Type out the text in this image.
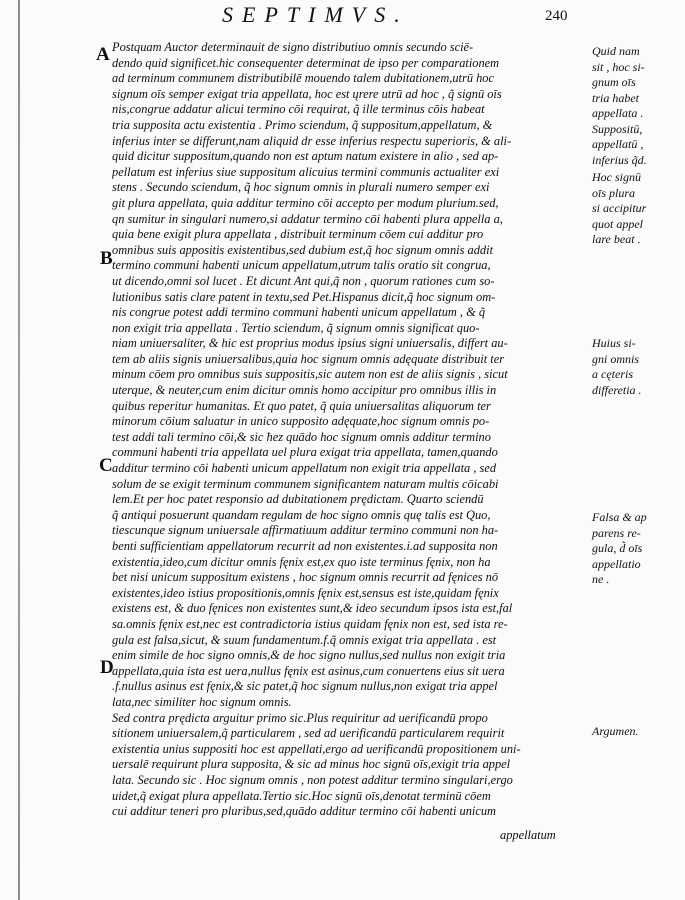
SEPTIMVS.	240
A
B
C
D
Postquam Auctor determinauit de signo distributiuo omnis secundo sciē-
dendo quid significet.hic consequenter determinat de ipso per comparationem
ad terminum communem distributibilē mouendo talem dubitationem,utrū hoc
signum oīs semper exigat tria appellata, hoc est ųrere utrū ad hoc , q̃ signū oīs
nis,congrue addatur alicui termino cōi requirat, q̃ ille terminus cōis habeat
tria supposita actu existentia . Primo sciendum, q̃ suppositum,appellatum, &
inferius inter se differunt,nam aliquid dr esse inferius respectu superioris, & ali-
quid dicitur suppositum,quando non est aptum natum existere in alio , sed ap-
pellatum est inferius siue suppositum alicuius termini communis actualiter exi
stens . Secundo sciendum, q̃ hoc signum omnis in plurali numero semper exi
git plura appellata, quia additur termino cōi accepto per modum plurium.sed,
qn sumitur in singulari numero,si addatur termino cōi habenti plura appella a,
quia bene exigit plura appellata , distribuit terminum cōem cui additur pro
omnibus suis appositis existentibus,sed dubium est,q̃ hoc signum omnis addit
termino communi habenti unicum appellatum,utrum talis oratio sit congrua,
ut dicendo,omni sol lucet . Et dicunt Ant qui,q̃ non , quorum rationes cum so-
lutionibus satis clare patent in textu,sed Pet.Hispanus dicit,q̃ hoc signum om-
nis congrue potest addi termino communi habenti unicum appellatum , & q̃
non exigit tria appellata . Tertio sciendum, q̃ signum omnis significat quo-
niam uniuersaliter, & hic est proprius modus ipsius signi uniuersalis, differt au-
tem ab aliis signis uniuersalibus,quia hoc signum omnis adęquate distribuit ter
minum cōem pro omnibus suis suppositis,sic autem non est de aliis signis , sicut
uterque, & neuter,cum enim dicitur omnis homo accipitur pro omnibus illis in
quibus reperitur humanitas. Et quo patet, q̃ quia uniuersalitas aliquorum ter
minorum cōium saluatur in unico supposito adęquate,hoc signum omnis po-
test addi tali termino cōi,& sic ħez quādo hoc signum omnis additur termino
communi habenti tria appellata uel plura exigat tria appellata, tamen,quando
additur termino cōi habenti unicum appellatum non exigit tria appellata , sed
solum de se exigit terminum communem significantem naturam multis cōicabi
lem.Et per hoc patet responsio ad dubitationem prędictam. Quarto sciendū
q̃ antiqui posuerunt quandam regulam de hoc signo omnis quę talis est Quo,
tiescunque signum uniuersale affirmatiuum additur termino communi non ha-
benti sufficientiam appellatorum recurrit ad non existentes.i.ad supposita non
existentia,ideo,cum dicitur omnis fęnix est,ex quo iste terminus fęnix, non ha
bet nisi unicum suppositum existens , hoc signum omnis recurrit ad fęnices nō
existentes,ideo istius propositionis,omnis fęnix est,sensus est iste,quidam fęnix
existens est, & duo fęnices non existentes sunt,& ideo secundum ipsos ista est,fal
sa.omnis fęnix est,nec est contradictoria istius quidam fęnix non est, sed ista re-
gula est falsa,sicut, & suum fundamentum.f.q̃ omnis exigat tria appellata . est
enim simile de hoc signo omnis,& de hoc signo nullus,sed nullus non exigit tria
appellata,quia ista est uera,nullus fęnix est asinus,cum conuertens eius sit uera
.f.nullus asinus est fęnix,& sic patet,q̃ hoc signum nullus,non exigat tria appel
lata,nec similiter hoc signum omnis.
Sed contra prędicta arguitur primo sic.Plus requiritur ad uerificandū propo
sitionem uniuersalem,q̃ particularem , sed ad uerificandū particularem requirit
existentia unius suppositi hoc est appellati,ergo ad uerificandū propositionem uni-
uersalē requirunt plura supposita, & sic ad minus hoc signū oīs,exigit tria appel
lata. Secundo sic . Hoc signum omnis , non potest additur termino singulari,ergo
uidet,q̃ exigat plura appellata.Tertio sic.Hoc signū oīs,denotat terminū cōem
cui additur teneri pro pluribus,sed,quādo additur termino cōi habenti unicum
Quid nam
sit , hoc si-
gnum oīs
tria habet
appellata .
Suppositū,
appellatū ,
inferius q̃d.
Hoc signū
oīs plura
si accipitur
quot appel
lare beat .
Huius si-
gni omnis
a cęteris
differetia .
Falsa & ap
parens re-
gula, d̃ oīs
appellatio
ne .
Argumen.
appellatum
